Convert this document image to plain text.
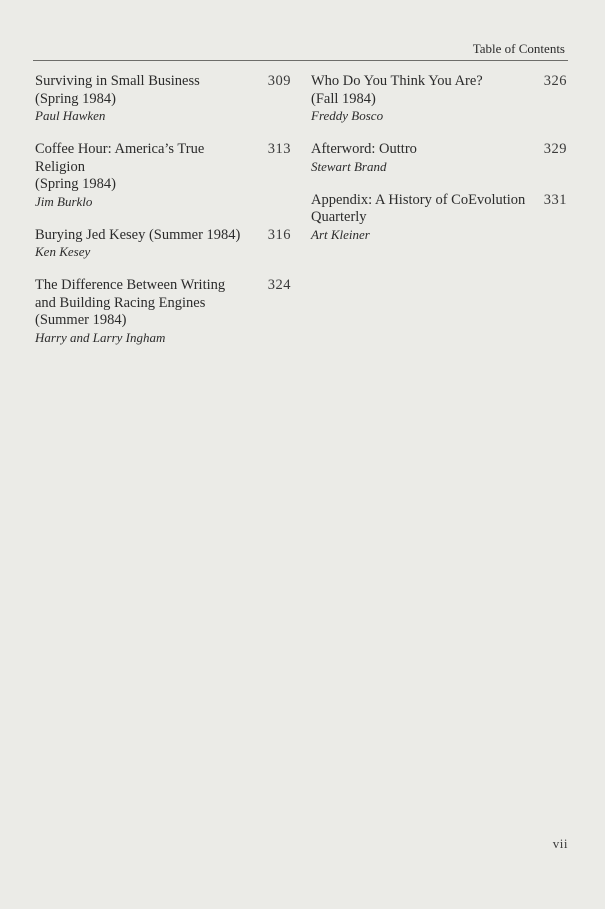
Table of Contents
Surviving in Small Business
(Spring 1984)
Paul Hawken
309
Coffee Hour: America’s True Religion
(Spring 1984)
Jim Burklo
313
Burying Jed Kesey (Summer 1984)
Ken Kesey
316
The Difference Between Writing
and Building Racing Engines
(Summer 1984)
Harry and Larry Ingham
324
Who Do You Think You Are?
(Fall 1984)
Freddy Bosco
326
Afterword: Outtro
Stewart Brand
329
Appendix: A History of CoEvolution
Quarterly
Art Kleiner
331
vii
